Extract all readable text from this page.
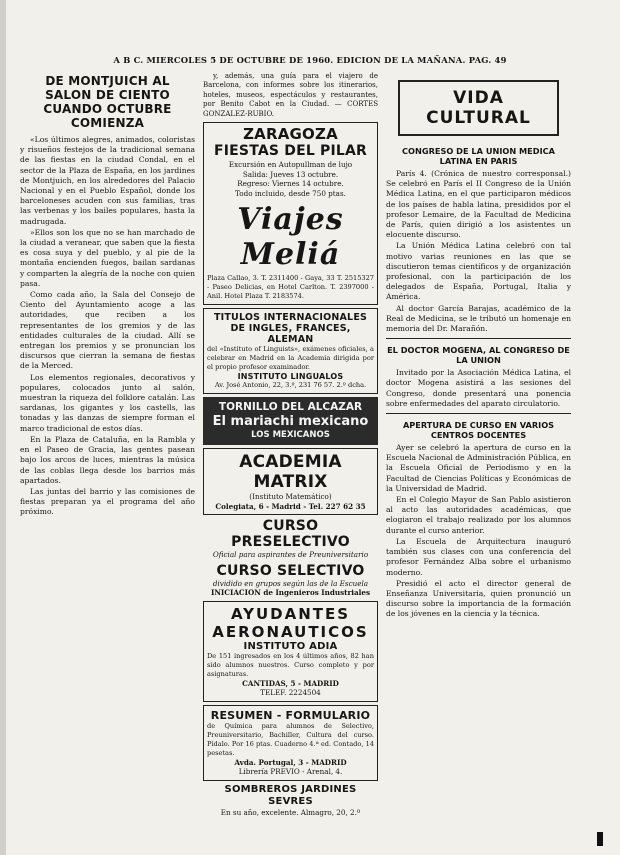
A B C. MIERCOLES 5 DE OCTUBRE DE 1960. EDICION DE LA MAÑANA. PAG. 49
DE MONTJUICH AL SALON DE CIENTO CUANDO OCTUBRE COMIENZA

«Los últimos alegres, animados, coloristas y risueños festejos de la tradicional semana de las fiestas en la ciudad Condal, en el sector de la Plaza de España, en los jardines de Montjuich, en los alrededores del Palacio Nacional y en el Pueblo Español, donde los barceloneses acuden con sus familias, tras las verbenas y los bailes populares, hasta la madrugada.

»Ellos son los que no se han marchado de la ciudad a veranear, que saben que la fiesta es cosa suya y del pueblo, y al pie de la montaña encienden fuegos, bailan sardanas y comparten la alegría de la noche con quien pasa.

Como cada año, la Sala del Consejo de Ciento del Ayuntamiento acoge a las autoridades, que reciben a los representantes de los gremios y de las entidades culturales de la ciudad. Allí se entregan los premios y se pronuncian los discursos que cierran la semana de fiestas de la Merced.

Los elementos regionales, decorativos y populares, colocados junto al salón, muestran la riqueza del folklore catalán. Las sardanas, los gigantes y los castells, las tonadas y las danzas de siempre forman el marco tradicional de estos días.

En la Plaza de Cataluña, en la Rambla y en el Paseo de Gracia, las gentes pasean bajo los arcos de luces, mientras la música de las coblas llega desde los barrios más apartados.

Las juntas del barrio y las comisiones de fiestas preparan ya el programa del año próximo.

y, además, una guía para el viajero de Barcelona, con informes sobre los itinerarios, hoteles, museos, espectáculos y restaurantes, por Benito Cabot en la Ciudad. — CORTES GONZALEZ-RUBIO.

ZARAGOZA
FIESTAS DEL PILAR
Excursión en Autopullman de lujo
Salida: Jueves 13 octubre.
Regreso: Viernes 14 octubre.
Todo incluido, desde 750 ptas.
Viajes Meliá
Plaza Callao, 3. T. 2311400 - Gaya, 33 T. 2515327 - Paseo Delicias, en Hotel Carlton. T. 2397000 - Anil. Hotel Plaza T. 2183574.
TITULOS INTERNACIONALES DE INGLES, FRANCES, ALEMAN
del «Instituto of Linguists», exámenes oficiales, a celebrar en Madrid en la Academia dirigida por el propio profesor examinador.
INSTITUTO LINGUALOS
Av. José Antonio, 22, 3.º, 231 76 57. 2.º dcha.
TORNILLO DEL ALCAZAR
El mariachi mexicano
LOS MEXICANOS
ACADEMIA MATRIX
(Instituto Matemático)
Colegiata, 6 - Madrid - Tel. 227 62 35
CURSO PRESELECTIVO
Oficial para aspirantes de Preuniversitario
CURSO SELECTIVO
dividido en grupos según las de la Escuela
INICIACION de Ingenieros Industriales
AYUDANTES
AERONAUTICOS
INSTITUTO ADIA
De 151 ingresados en los 4 últimos años, 82 han sido alumnos nuestros. Curso completo y por asignaturas.
CANTIDAS, 5 - MADRID
TELEF. 2224504
RESUMEN - FORMULARIO
de Química para alumnos de Selectivo, Preuniversitario, Bachiller, Cultura del curso. Pídalo. Por 16 ptas. Cuaderno 4.ª ed. Contado, 14 pesetas.
Avda. Portugal, 3 - MADRID
Librería PREVIO - Arenal, 4.
SOMBREROS JARDINES SEVRES
En su año, excelente. Almagro, 20, 2.º
VIDA CULTURAL
CONGRESO DE LA UNION MEDICA LATINA EN PARIS

París 4. (Crónica de nuestro corresponsal.) Se celebró en París el II Congreso de la Unión Médica Latina, en el que participaron médicos de los países de habla latina, presididos por el profesor Lemaire, de la Facultad de Medicina de París, quien dirigió a los asistentes un elocuente discurso.

La Unión Médica Latina celebró con tal motivo varias reuniones en las que se discutieron temas científicos y de organización profesional, con la participación de los delegados de España, Portugal, Italia y América.

Al doctor García Barajas, académico de la Real de Medicina, se le tributó un homenaje en memoria del Dr. Marañón.

EL DOCTOR MOGENA, AL CONGRESO DE LA UNION

Invitado por la Asociación Médica Latina, el doctor Mogena asistirá a las sesiones del Congreso, donde presentará una ponencia sobre enfermedades del aparato circulatorio.

APERTURA DE CURSO EN VARIOS CENTROS DOCENTES

Ayer se celebró la apertura de curso en la Escuela Nacional de Administración Pública, en la Escuela Oficial de Periodismo y en la Facultad de Ciencias Políticas y Económicas de la Universidad de Madrid.

En el Colegio Mayor de San Pablo asistieron al acto las autoridades académicas, que elogiaron el trabajo realizado por los alumnos durante el curso anterior.

La Escuela de Arquitectura inauguró también sus clases con una conferencia del profesor Fernández Alba sobre el urbanismo moderno.

Presidió el acto el director general de Enseñanza Universitaria, quien pronunció un discurso sobre la importancia de la formación de los jóvenes en la ciencia y la técnica.
